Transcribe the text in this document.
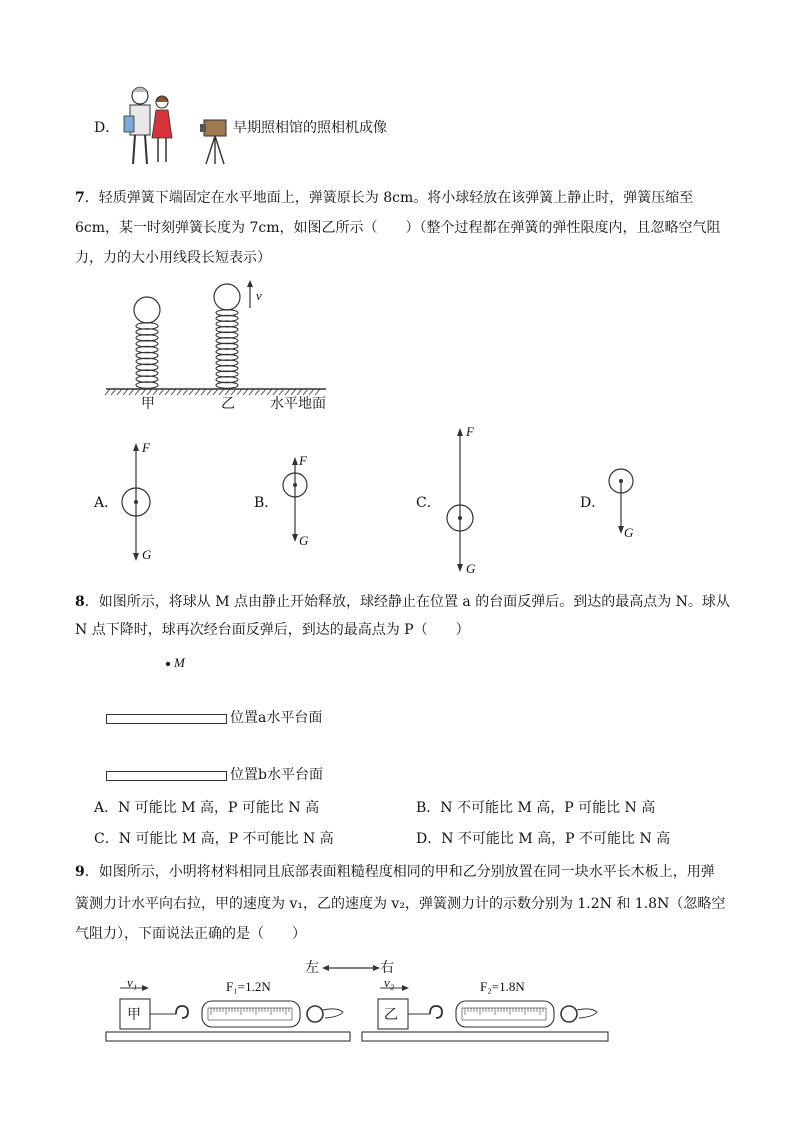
D．	早期照相馆的照相机成像
7．轻质弹簧下端固定在水平地面上，弹簧原长为 8cm。将小球轻放在该弹簧上静止时，弹簧压缩至
6cm，某一时刻弹簧长度为 7cm，如图乙所示（　　）（整个过程都在弹簧的弹性限度内，且忽略空气阻
力，力的大小用线段长短表示）
v
甲	乙	水平地面
A．
F
G
B．
F
G
C．
F
G
D．
G
8．如图所示，将球从 M 点由静止开始释放，球经静止在位置 a 的台面反弹后。到达的最高点为 N。球从
N 点下降时，球再次经台面反弹后，到达的最高点为 P（　　）
M
位置a水平台面
位置b水平台面
A．N 可能比 M 高，P 可能比 N 高	B．N 不可能比 M 高，P 可能比 N 高
C．N 可能比 M 高，P 不可能比 N 高	D．N 不可能比 M 高，P 不可能比 N 高
9．如图所示，小明将材料相同且底部表面粗糙程度相同的甲和乙分别放置在同一块水平长木板上，用弹
簧测力计水平向右拉，甲的速度为 v₁，乙的速度为 v₂，弹簧测力计的示数分别为 1.2N 和 1.8N（忽略空
气阻力），下面说法正确的是（　　）
左	右
v₁
甲
F₁=1.2N	v₂
乙
F₂=1.8N
